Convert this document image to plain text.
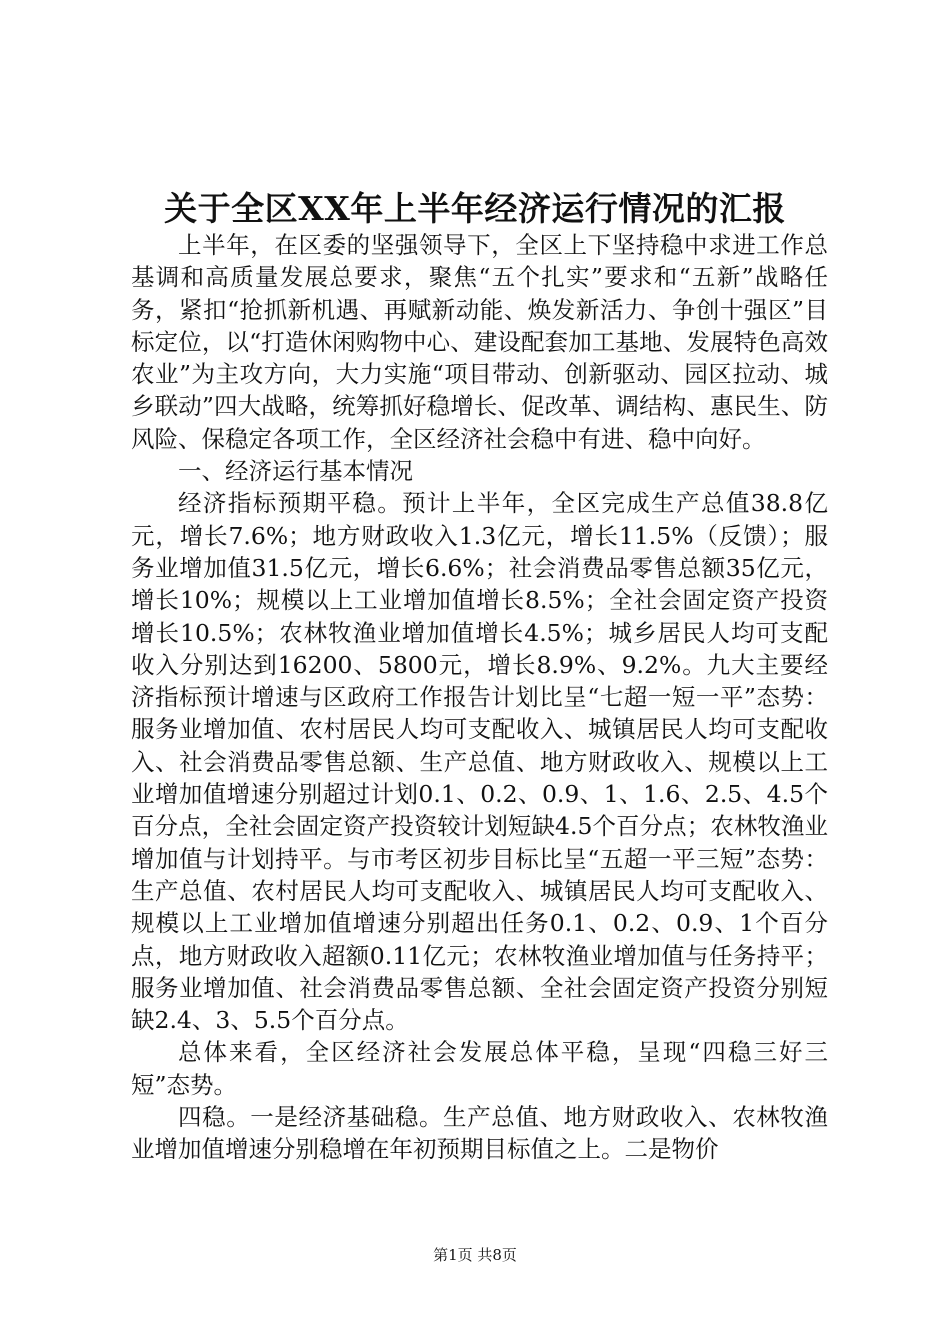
关于全区XX年上半年经济运行情况的汇报

上半年，在区委的坚强领导下，全区上下坚持稳中求进工作总基调和高质量发展总要求，聚焦“五个扎实”要求和“五新”战略任务，紧扣“抢抓新机遇、再赋新动能、焕发新活力、争创十强区”目标定位，以“打造休闲购物中心、建设配套加工基地、发展特色高效农业”为主攻方向，大力实施“项目带动、创新驱动、园区拉动、城乡联动”四大战略，统筹抓好稳增长、促改革、调结构、惠民生、防风险、保稳定各项工作，全区经济社会稳中有进、稳中向好。

一、经济运行基本情况

经济指标预期平稳。预计上半年，全区完成生产总值38.8亿元，增长7.6%；地方财政收入1.3亿元，增长11.5%（反馈）；服务业增加值31.5亿元，增长6.6%；社会消费品零售总额35亿元，增长10%；规模以上工业增加值增长8.5%；全社会固定资产投资增长10.5%；农林牧渔业增加值增长4.5%；城乡居民人均可支配收入分别达到16200、5800元，增长8.9%、9.2%。九大主要经济指标预计增速与区政府工作报告计划比呈“七超一短一平”态势：服务业增加值、农村居民人均可支配收入、城镇居民人均可支配收入、社会消费品零售总额、生产总值、地方财政收入、规模以上工业增加值增速分别超过计划0.1、0.2、0.9、1、1.6、2.5、4.5个百分点，全社会固定资产投资较计划短缺4.5个百分点；农林牧渔业增加值与计划持平。与市考区初步目标比呈“五超一平三短”态势：生产总值、农村居民人均可支配收入、城镇居民人均可支配收入、规模以上工业增加值增速分别超出任务0.1、0.2、0.9、1个百分点，地方财政收入超额0.11亿元；农林牧渔业增加值与任务持平；服务业增加值、社会消费品零售总额、全社会固定资产投资分别短缺2.4、3、5.5个百分点。

总体来看，全区经济社会发展总体平稳，呈现“四稳三好三短”态势。

四稳。一是经济基础稳。生产总值、地方财政收入、农林牧渔业增加值增速分别稳增在年初预期目标值之上。二是物价

第1页 共8页
